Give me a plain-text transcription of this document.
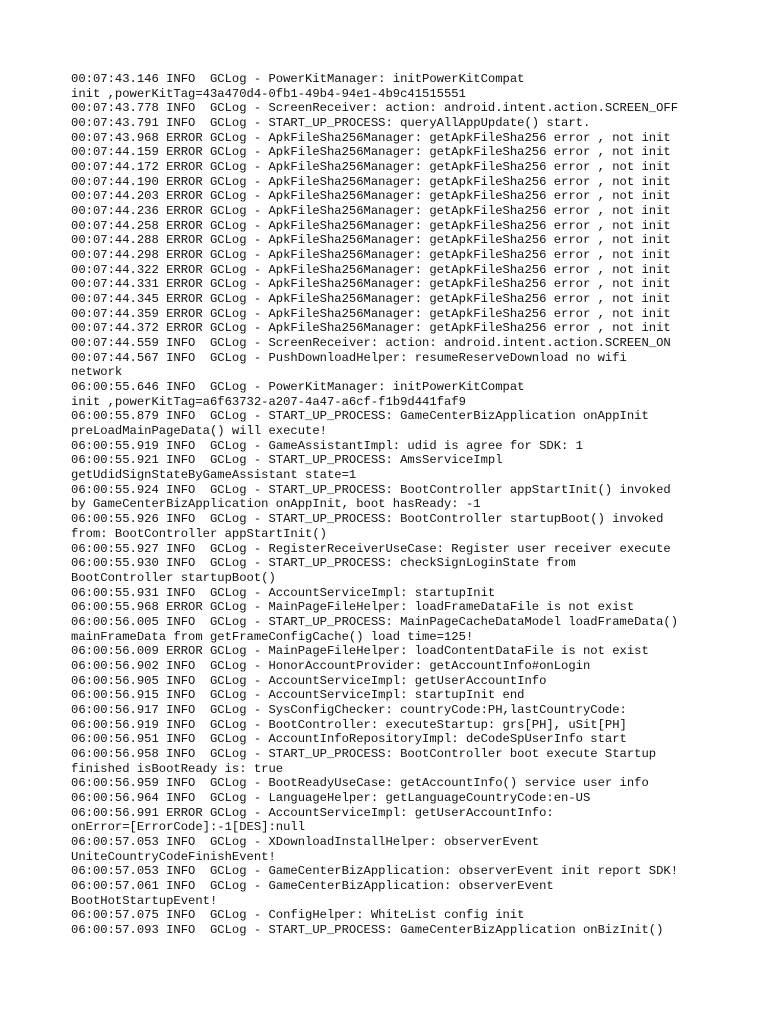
00:07:43.146 INFO  GCLog - PowerKitManager: initPowerKitCompat
init ,powerKitTag=43a470d4-0fb1-49b4-94e1-4b9c41515551
00:07:43.778 INFO  GCLog - ScreenReceiver: action: android.intent.action.SCREEN_OFF
00:07:43.791 INFO  GCLog - START_UP_PROCESS: queryAllAppUpdate() start.
00:07:43.968 ERROR GCLog - ApkFileSha256Manager: getApkFileSha256 error , not init
00:07:44.159 ERROR GCLog - ApkFileSha256Manager: getApkFileSha256 error , not init
00:07:44.172 ERROR GCLog - ApkFileSha256Manager: getApkFileSha256 error , not init
00:07:44.190 ERROR GCLog - ApkFileSha256Manager: getApkFileSha256 error , not init
00:07:44.203 ERROR GCLog - ApkFileSha256Manager: getApkFileSha256 error , not init
00:07:44.236 ERROR GCLog - ApkFileSha256Manager: getApkFileSha256 error , not init
00:07:44.258 ERROR GCLog - ApkFileSha256Manager: getApkFileSha256 error , not init
00:07:44.288 ERROR GCLog - ApkFileSha256Manager: getApkFileSha256 error , not init
00:07:44.298 ERROR GCLog - ApkFileSha256Manager: getApkFileSha256 error , not init
00:07:44.322 ERROR GCLog - ApkFileSha256Manager: getApkFileSha256 error , not init
00:07:44.331 ERROR GCLog - ApkFileSha256Manager: getApkFileSha256 error , not init
00:07:44.345 ERROR GCLog - ApkFileSha256Manager: getApkFileSha256 error , not init
00:07:44.359 ERROR GCLog - ApkFileSha256Manager: getApkFileSha256 error , not init
00:07:44.372 ERROR GCLog - ApkFileSha256Manager: getApkFileSha256 error , not init
00:07:44.559 INFO  GCLog - ScreenReceiver: action: android.intent.action.SCREEN_ON
00:07:44.567 INFO  GCLog - PushDownloadHelper: resumeReserveDownload no wifi
network
06:00:55.646 INFO  GCLog - PowerKitManager: initPowerKitCompat
init ,powerKitTag=a6f63732-a207-4a47-a6cf-f1b9d441faf9
06:00:55.879 INFO  GCLog - START_UP_PROCESS: GameCenterBizApplication onAppInit
preLoadMainPageData() will execute!
06:00:55.919 INFO  GCLog - GameAssistantImpl: udid is agree for SDK: 1
06:00:55.921 INFO  GCLog - START_UP_PROCESS: AmsServiceImpl
getUdidSignStateByGameAssistant state=1
06:00:55.924 INFO  GCLog - START_UP_PROCESS: BootController appStartInit() invoked
by GameCenterBizApplication onAppInit, boot hasReady: -1
06:00:55.926 INFO  GCLog - START_UP_PROCESS: BootController startupBoot() invoked
from: BootController appStartInit()
06:00:55.927 INFO  GCLog - RegisterReceiverUseCase: Register user receiver execute
06:00:55.930 INFO  GCLog - START_UP_PROCESS: checkSignLoginState from
BootController startupBoot()
06:00:55.931 INFO  GCLog - AccountServiceImpl: startupInit
06:00:55.968 ERROR GCLog - MainPageFileHelper: loadFrameDataFile is not exist
06:00:56.005 INFO  GCLog - START_UP_PROCESS: MainPageCacheDataModel loadFrameData()
mainFrameData from getFrameConfigCache() load time=125!
06:00:56.009 ERROR GCLog - MainPageFileHelper: loadContentDataFile is not exist
06:00:56.902 INFO  GCLog - HonorAccountProvider: getAccountInfo#onLogin
06:00:56.905 INFO  GCLog - AccountServiceImpl: getUserAccountInfo
06:00:56.915 INFO  GCLog - AccountServiceImpl: startupInit end
06:00:56.917 INFO  GCLog - SysConfigChecker: countryCode:PH,lastCountryCode:
06:00:56.919 INFO  GCLog - BootController: executeStartup: grs[PH], uSit[PH]
06:00:56.951 INFO  GCLog - AccountInfoRepositoryImpl: deCodeSpUserInfo start
06:00:56.958 INFO  GCLog - START_UP_PROCESS: BootController boot execute Startup
finished isBootReady is: true
06:00:56.959 INFO  GCLog - BootReadyUseCase: getAccountInfo() service user info
06:00:56.964 INFO  GCLog - LanguageHelper: getLanguageCountryCode:en-US
06:00:56.991 ERROR GCLog - AccountServiceImpl: getUserAccountInfo:
onError=[ErrorCode]:-1[DES]:null
06:00:57.053 INFO  GCLog - XDownloadInstallHelper: observerEvent
UniteCountryCodeFinishEvent!
06:00:57.053 INFO  GCLog - GameCenterBizApplication: observerEvent init report SDK!
06:00:57.061 INFO  GCLog - GameCenterBizApplication: observerEvent
BootHotStartupEvent!
06:00:57.075 INFO  GCLog - ConfigHelper: WhiteList config init
06:00:57.093 INFO  GCLog - START_UP_PROCESS: GameCenterBizApplication onBizInit()
